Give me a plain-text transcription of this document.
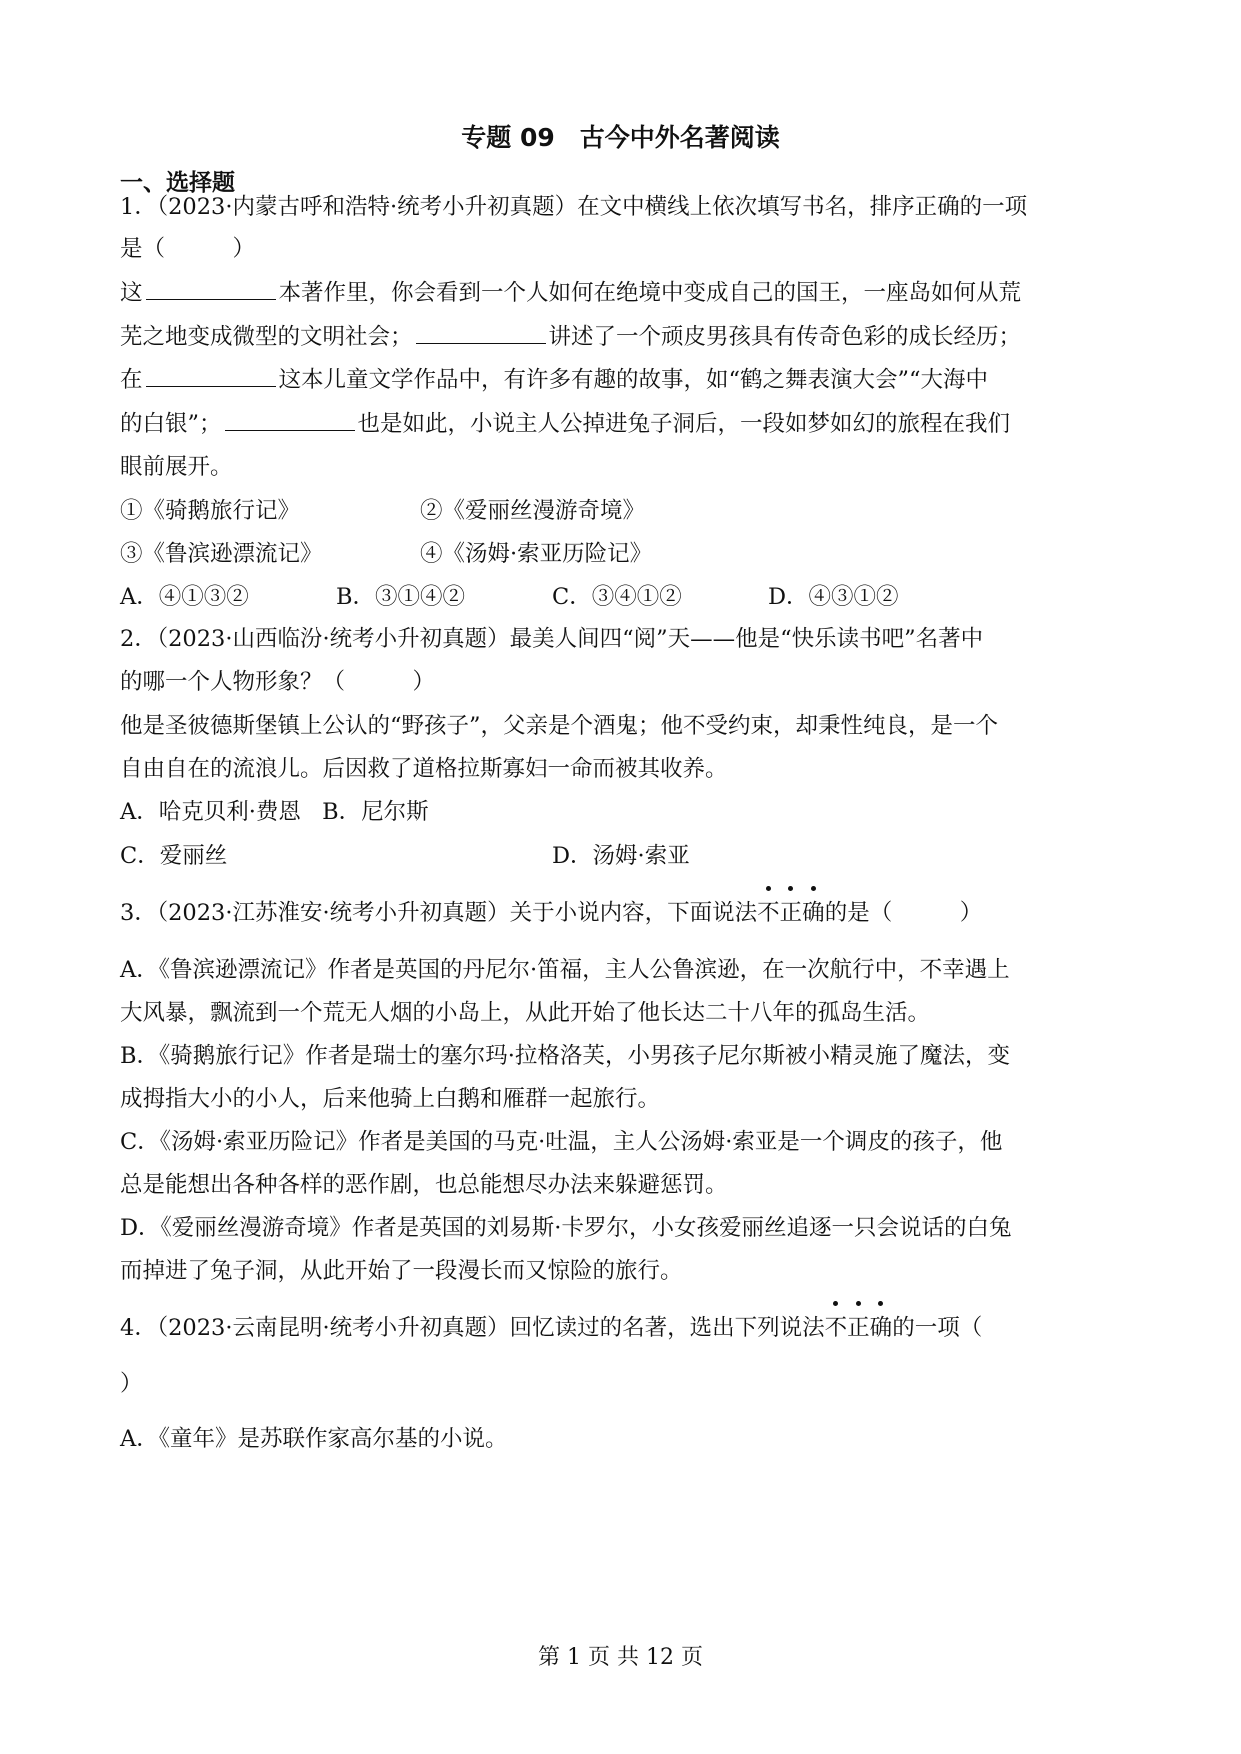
专题 09　古今中外名著阅读
一、选择题
1．（2023·内蒙古呼和浩特·统考小升初真题）在文中横线上依次填写书名，排序正确的一项
是（　　　）
这	本著作里，你会看到一个人如何在绝境中变成自己的国王，一座岛如何从荒
芜之地变成微型的文明社会；	讲述了一个顽皮男孩具有传奇色彩的成长经历；
在	这本儿童文学作品中，有许多有趣的故事，如“鹤之舞表演大会”“大海中
的白银”；	也是如此，小说主人公掉进兔子洞后，一段如梦如幻的旅程在我们
眼前展开。
①《骑鹅旅行记》	②《爱丽丝漫游奇境》
③《鲁滨逊漂流记》	④《汤姆·索亚历险记》
A．④①③②	B．③①④②	C．③④①②	D．④③①②
2．（2023·山西临汾·统考小升初真题）最美人间四“阅”天——他是“快乐读书吧”名著中
的哪一个人物形象？（　　　）
他是圣彼德斯堡镇上公认的“野孩子”，父亲是个酒鬼；他不受约束，却秉性纯良，是一个
自由自在的流浪儿。后因救了道格拉斯寡妇一命而被其收养。
A．哈克贝利·费恩 B．尼尔斯
C．爱丽丝	D．汤姆·索亚
3．（2023·江苏淮安·统考小升初真题）关于小说内容，下面说法不正确的是（　　　）
A．《鲁滨逊漂流记》作者是英国的丹尼尔·笛福，主人公鲁滨逊，在一次航行中，不幸遇上
大风暴，飘流到一个荒无人烟的小岛上，从此开始了他长达二十八年的孤岛生活。
B．《骑鹅旅行记》作者是瑞士的塞尔玛·拉格洛芙，小男孩子尼尔斯被小精灵施了魔法，变
成拇指大小的小人，后来他骑上白鹅和雁群一起旅行。
C．《汤姆·索亚历险记》作者是美国的马克·吐温，主人公汤姆·索亚是一个调皮的孩子，他
总是能想出各种各样的恶作剧，也总能想尽办法来躲避惩罚。
D．《爱丽丝漫游奇境》作者是英国的刘易斯·卡罗尔，小女孩爱丽丝追逐一只会说话的白兔
而掉进了兔子洞，从此开始了一段漫长而又惊险的旅行。
4．（2023·云南昆明·统考小升初真题）回忆读过的名著，选出下列说法不正确的一项（
）
A．《童年》是苏联作家高尔基的小说。
第 1 页 共 12 页
